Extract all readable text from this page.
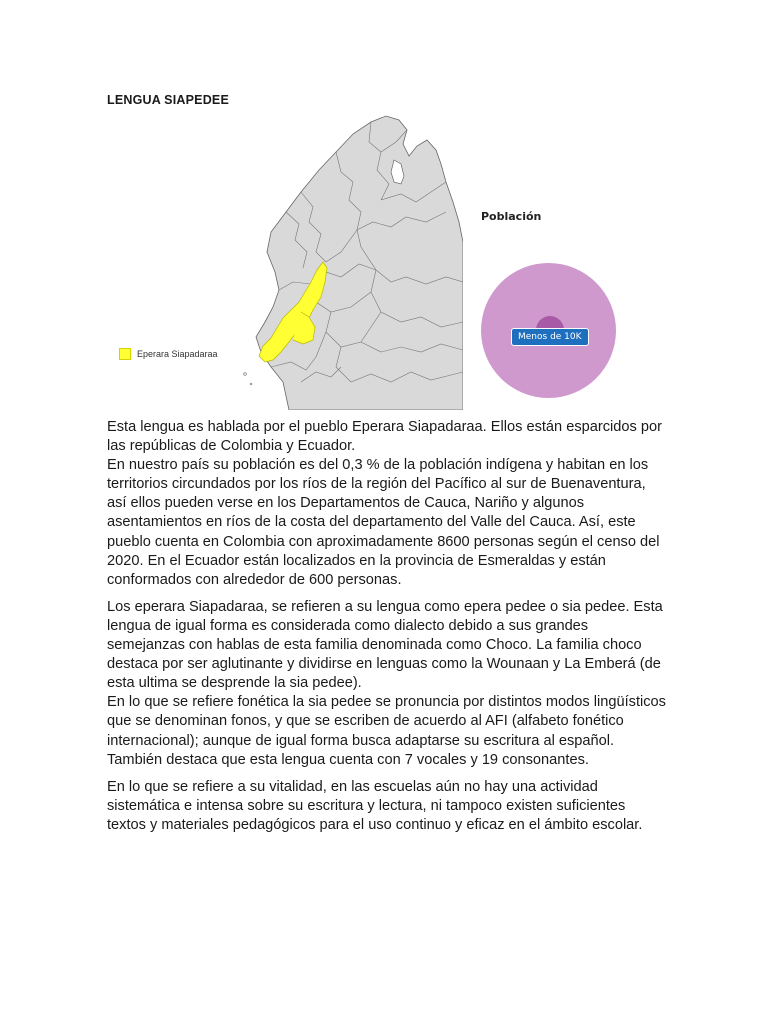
LENGUA SIAPEDEE
Eperara Siapadaraa
Población
Menos de 10K

Esta lengua es hablada por el pueblo Eperara Siapadaraa. Ellos están esparcidos por las repúblicas de Colombia y Ecuador.
En nuestro país su población es del 0,3 % de la población indígena y habitan en los territorios circundados por los ríos de la región del Pacífico al sur de Buenaventura, así ellos pueden verse en los Departamentos de Cauca, Nariño y algunos asentamientos en ríos de la costa del departamento del Valle del Cauca. Así, este pueblo cuenta en Colombia con aproximadamente 8600 personas según el censo del 2020. En el Ecuador están localizados en la provincia de Esmeraldas y están conformados con alrededor de 600 personas.

Los eperara Siapadaraa, se refieren a su lengua como epera pedee o sia pedee. Esta lengua de igual forma es considerada como dialecto debido a sus grandes semejanzas con hablas de esta familia denominada como Choco. La familia choco destaca por ser aglutinante y dividirse en lenguas como la Wounaan y La Emberá (de esta ultima se desprende la sia pedee).
En lo que se refiere fonética la sia pedee se pronuncia por distintos modos lingüísticos que se denominan fonos, y que se escriben de acuerdo al AFI (alfabeto fonético internacional); aunque de igual forma busca adaptarse su escritura al español.
También destaca que esta lengua cuenta con 7 vocales y 19 consonantes.

En lo que se refiere a su vitalidad, en las escuelas aún no hay una actividad sistemática e intensa sobre su escritura y lectura, ni tampoco existen suficientes textos y materiales pedagógicos para el uso continuo y eficaz en el ámbito escolar.
